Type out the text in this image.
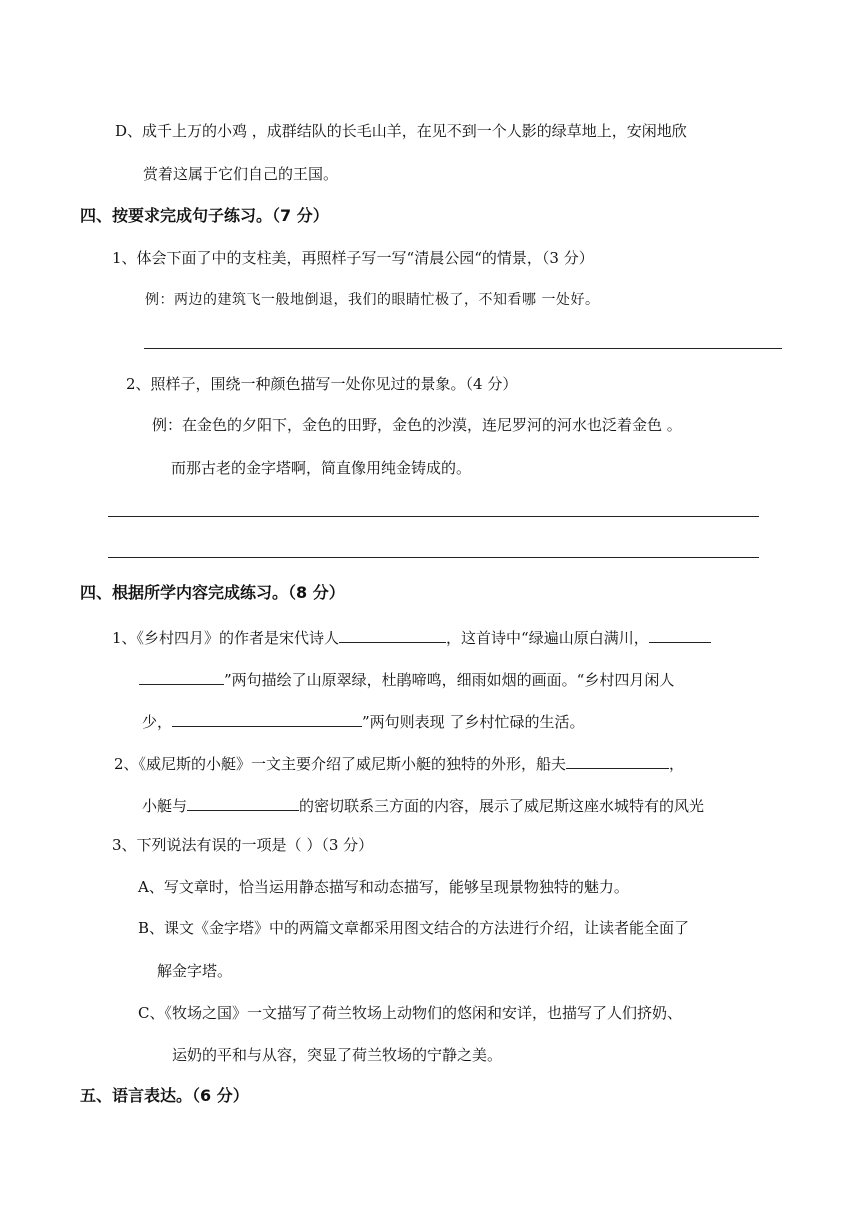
D、成千上万的小鸡 ，成群结队的长毛山羊，在见不到一个人影的绿草地上，安闲地欣
赏着这属于它们自己的王国。
四、按要求完成句子练习。（7 分）
1、体会下面了中的支柱美，再照样子写一写“清晨公园“的情景，（3 分）
例：两边的建筑飞一般地倒退，我们的眼睛忙极了，不知看哪 一处好。
2、照样子，围绕一种颜色描写一处你见过的景象。（4 分）
例：在金色的夕阳下，金色的田野，金色的沙漠，连尼罗河的河水也泛着金色 。
而那古老的金字塔啊，简直像用纯金铸成的。
四、根据所学内容完成练习。（8 分）
1、《乡村四月》的作者是宋代诗人	，这首诗中“绿遍山原白满川，
”两句描绘了山原翠绿，杜鹃啼鸣，细雨如烟的画面。“乡村四月闲人
少，	”两句则表现 了乡村忙碌的生活。
2、《威尼斯的小艇》一文主要介绍了威尼斯小艇的独特的外形，船夫	，
小艇与	的密切联系三方面的内容，展示了威尼斯这座水城特有的风光
3、下列说法有误的一项是（ ）（3 分）
A、写文章时，恰当运用静态描写和动态描写，能够呈现景物独特的魅力。
B、课文《金字塔》中的两篇文章都采用图文结合的方法进行介绍，让读者能全面了
解金字塔。
C、《牧场之国》一文描写了荷兰牧场上动物们的悠闲和安详，也描写了人们挤奶、
运奶的平和与从容，突显了荷兰牧场的宁静之美。
五、语言表达。（6 分）
